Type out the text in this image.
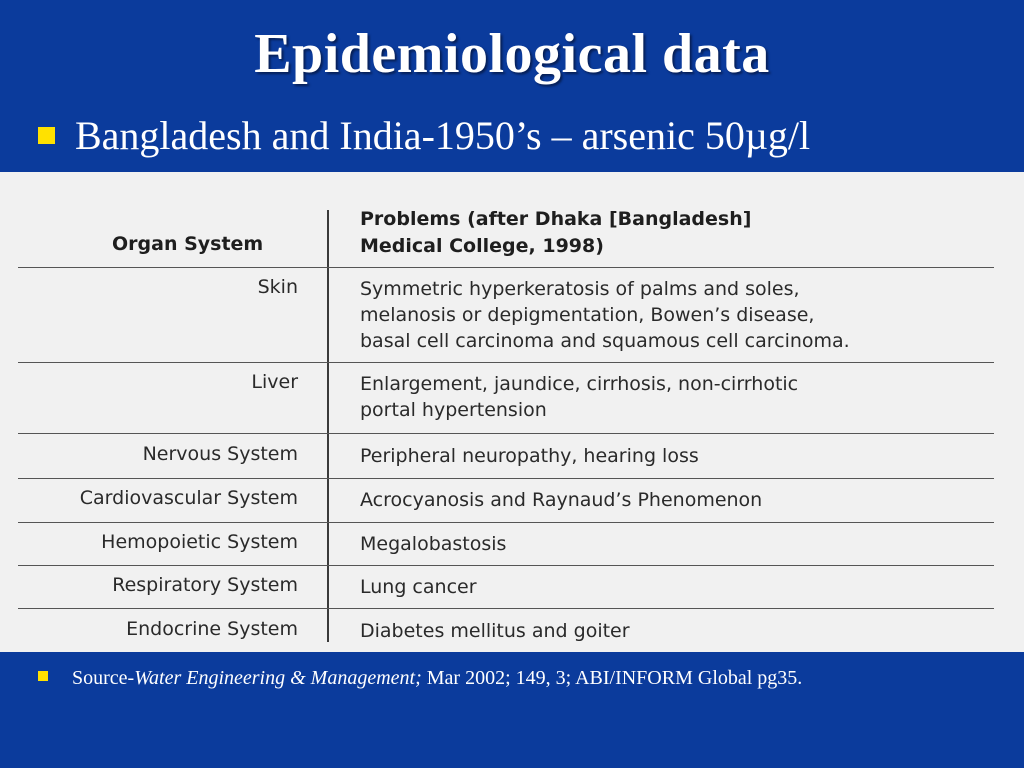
Epidemiological data
Bangladesh and India-1950’s – arsenic 50µg/l
Organ System
Problems (after Dhaka [Bangladesh]
Medical College, 1998)
Skin	Symmetric hyperkeratosis of palms and soles,
melanosis or depigmentation, Bowen’s disease,
basal cell carcinoma and squamous cell carcinoma.
Liver	Enlargement, jaundice, cirrhosis, non-cirrhotic
portal hypertension
Nervous System	Peripheral neuropathy, hearing loss
Cardiovascular System	Acrocyanosis and Raynaud’s Phenomenon
Hemopoietic System	Megalobastosis
Respiratory System	Lung cancer
Endocrine System	Diabetes mellitus and goiter
Source-Water Engineering & Management; Mar 2002; 149, 3; ABI/INFORM Global pg35.
